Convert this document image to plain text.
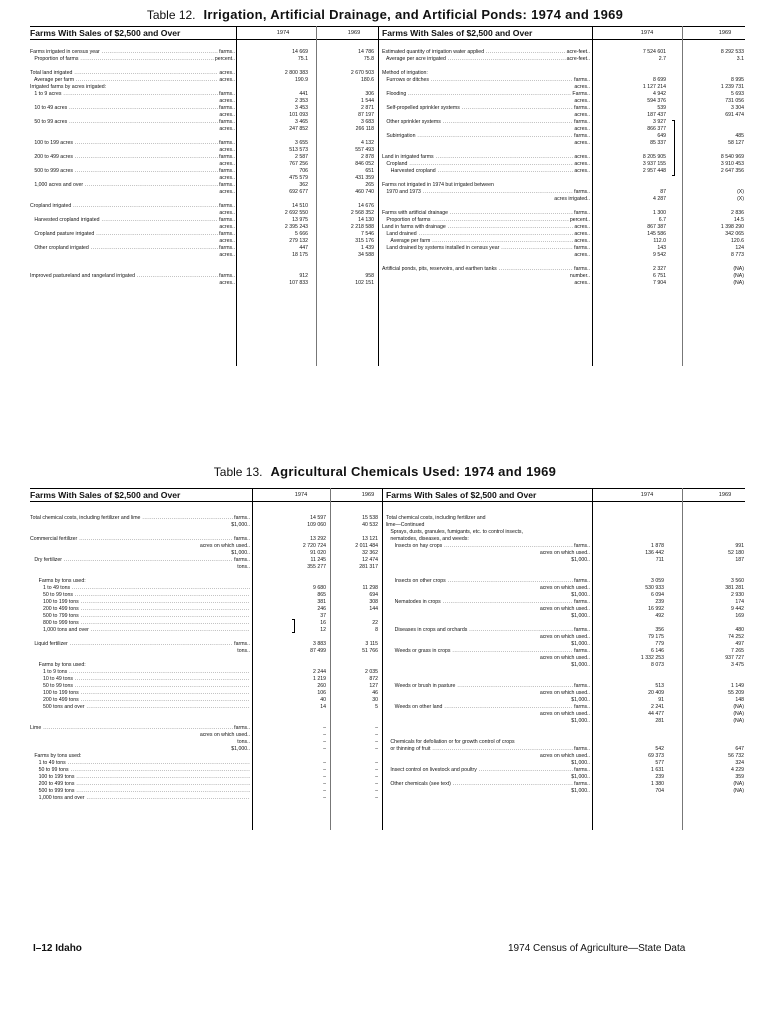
Table 12. Irrigation, Artificial Drainage, and Artificial Ponds: 1974 and 1969
Farms With Sales of $2,500 and Over	1974	1969	Farms With Sales of $2,500 and Over	1974	1969
Farms irrigated in census year .....	farms..	14 669	14 786
Proportion of farms .....	percent..	75.1	75.8
Total land irrigated .....	acres..	2 800 383	2 670 503
Average per farm .....	acres..	190.9	180.6
Irrigated farms by acres irrigated:
1 to 9 acres .....	farms..	441	306
acres..	2 353	1 544
10 to 49 acres .....	farms..	3 453	2 871
acres..	101 093	87 197
50 to 99 acres .....	farms..	3 465	3 683
acres..	247 852	266 118
100 to 199 acres .....	farms..	3 655	4 132
acres..	513 573	557 493
200 to 499 acres .....	farms..	2 587	2 878
acres..	767 256	846 052
500 to 999 acres .....	farms..	706	651
acres..	475 579	431 359
1,000 acres and over .....	farms..	362	265
acres..	692 677	460 740
Cropland irrigated .....	farms..	14 510	14 676
acres..	2 692 550	2 568 352
Harvested cropland irrigated .....	farms..	13 975	14 130
acres..	2 395 243	2 218 588
Cropland pasture irrigated .....	farms..	5 666	7 546
acres..	279 132	315 176
Other cropland irrigated .....	farms..	447	1 439
acres..	18 175	34 588
Improved pastureland and rangeland irrigated .....	farms..	912	958
acres..	107 833	102 151
Estimated quantity of irrigation water applied .....	acre-feet..	7 524 601	8 292 533
Average per acre irrigated .....	acre-feet..	2.7	3.1
Method of irrigation:
Furrows or ditches .....	farms..	8 699	8 995
acres..	1 127 214	1 239 731
Flooding .....	Farms..	4 942	5 693
acres..	594 376	731 056
Self-propelled sprinkler systems .....	farms..	539	3 304
acres..	187 437	691 474
Other sprinkler systems .....	farms..	3 927
acres..	866 377
Subirrigation .....	farms..	649	485
acres..	85 337	58 127
Land in irrigated farms .....	acres..	8 205 905	8 540 969
Cropland .....	acres..	3 937 155	3 910 453
Harvested cropland .....	acres..	2 957 448	2 647 356
Farms not irrigated in 1974 but irrigated between
1970 and 1973 .....	farms..	87	(X)
acres irrigated..	4 287	(X)
Farms with artificial drainage .....	farms..	1 300	2 836
Proportion of farms .....	percent..	6.7	14.5
Land in farms with drainage .....	acres..	867 387	1 398 290
Land drained .....	acres..	145 586	342 065
Average per farm .....	acres..	112.0	120.6
Land drained by systems installed in census year .....	farms..	143	124
acres..	9 542	8 773
Artificial ponds, pits, reservoirs, and earthen tanks .....	farms..	2 327	(NA)
number..	6 751	(NA)
acres..	7 904	(NA)
Table 13. Agricultural Chemicals Used: 1974 and 1969
Farms With Sales of $2,500 and Over	1974	1969	Farms With Sales of $2,500 and Over	1974	1969
Total chemical costs, including fertilizer and lime .....	farms..	14 597	15 538
$1,000..	109 060	40 532
Commercial fertilizer .....	farms..	13 292	13 121
acres on which used..	2 720 724	2 011 484
$1,000..	91 020	32 362
Dry fertilizer .....	farms..	11 245	12 474
tons..	355 277	281 317
Farms by tons used:
1 to 49 tons .....	9 680	11 298
50 to 99 tons .....	865	694
100 to 199 tons .....	381	308
200 to 499 tons .....	246	144
500 to 799 tons .....	37
800 to 999 tons .....	16	22
1,000 tons and over .....	12	8
Liquid fertilizer .....	farms..	3 883	3 115
tons..	87 499	51 766
Farms by tons used:
1 to 9 tons .....	2 244	2 035
10 to 49 tons .....	1 219	872
50 to 99 tons .....	260	127
100 to 199 tons .....	106	46
200 to 499 tons .....	40	30
500 tons and over .....	14	5
Lime .....	farms..	–	–
acres on which used..	–	–
tons..	–	–
$1,000..	–	–
Farms by tons used:
1 to 49 tons .....	–	–
50 to 99 tons .....	–	–
100 to 199 tons .....	–	–
200 to 499 tons .....	–	–
500 to 999 tons .....	–	–
1,000 tons and over .....	–	–
Total chemical costs, including fertilizer and
lime—Continued
Sprays, dusts, granules, fumigants, etc. to control insects,
nematodes, diseases, and weeds:
Insects on hay crops .....	farms..	1 878	991
acres on which used..	136 442	52 180
$1,000..	711	187
Insects on other crops .....	farms..	3 059	3 560
acres on which used..	530 933	381 281
$1,000..	6 094	2 930
Nematodes in crops .....	farms..	239	174
acres on which used..	16 992	9 442
$1,000..	492	169
Diseases in crops and orchards .....	farms..	356	480
acres on which used..	79 175	74 252
$1,000..	779	497
Weeds or grass in crops .....	farms..	6 146	7 265
acres on which used..	1 332 253	937 727
$1,000..	8 073	3 475
Weeds or brush in pasture .....	farms..	513	1 149
acres on which used..	20 409	55 209
$1,000..	91	148
Weeds on other land .....	farms..	2 241	(NA)
acres on which used..	44 477	(NA)
$1,000..	281	(NA)
Chemicals for defoliation or for growth control of crops
or thinning of fruit .....	farms..	542	647
acres on which used..	69 373	56 732
$1,000..	577	324
Insect control on livestock and poultry .....	farms..	1 631	4 229
$1,000..	239	359
Other chemicals (see text) .....	farms..	1 380	(NA)
$1,000..	704	(NA)
I–12 Idaho	1974 Census of Agriculture—State Data
